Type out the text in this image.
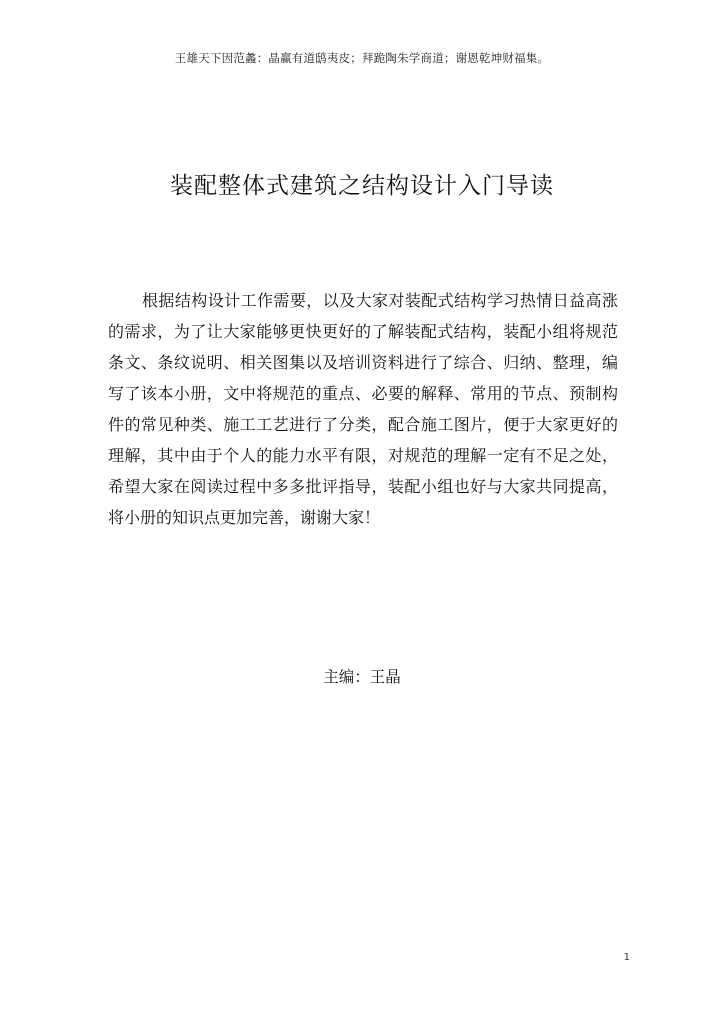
王雄天下因范蠡：晶赢有道鸱夷皮；拜跪陶朱学商道；谢恩乾坤财福集。
装配整体式建筑之结构设计入门导读

根据结构设计工作需要，以及大家对装配式结构学习热情日益高涨的需求，为了让大家能够更快更好的了解装配式结构，装配小组将规范条文、条纹说明、相关图集以及培训资料进行了综合、归纳、整理，编写了该本小册，文中将规范的重点、必要的解释、常用的节点、预制构件的常见种类、施工工艺进行了分类，配合施工图片，便于大家更好的理解，其中由于个人的能力水平有限，对规范的理解一定有不足之处，希望大家在阅读过程中多多批评指导，装配小组也好与大家共同提高，将小册的知识点更加完善，谢谢大家！

主编：王晶
1
